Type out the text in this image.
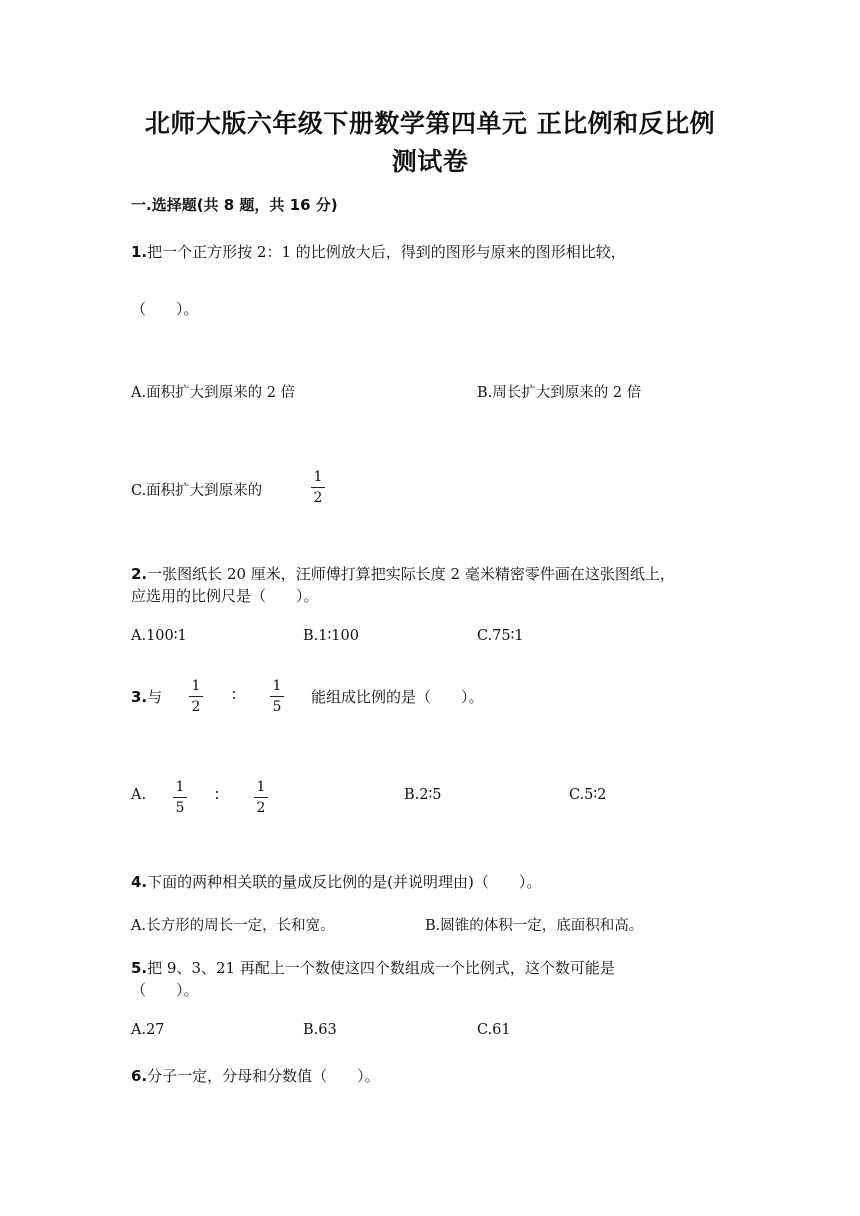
北师大版六年级下册数学第四单元 正比例和反比例
测试卷
一.选择题(共 8 题，共 16 分)
1.把一个正方形按 2：1 的比例放大后，得到的图形与原来的图形相比较，
（　　）。
A.面积扩大到原来的 2 倍	B.周长扩大到原来的 2 倍
C.面积扩大到原来的
1
2
2.一张图纸长 20 厘米，汪师傅打算把实际长度 2 毫米精密零件画在这张图纸上，
应选用的比例尺是（　　）。
A.100∶1	B.1∶100	C.75∶1
3.与
1
2
∶	1
5
能组成比例的是（　　）。
A. 1
5
∶	1
2
B.2∶5	C.5∶2
4.下面的两种相关联的量成反比例的是(并说明理由)（　　）。
A.长方形的周长一定，长和宽。	B.圆锥的体积一定，底面积和高。
5.把 9、3、21 再配上一个数使这四个数组成一个比例式，这个数可能是
（　　）。
A.27	B.63	C.61
6.分子一定，分母和分数值（　　）。
